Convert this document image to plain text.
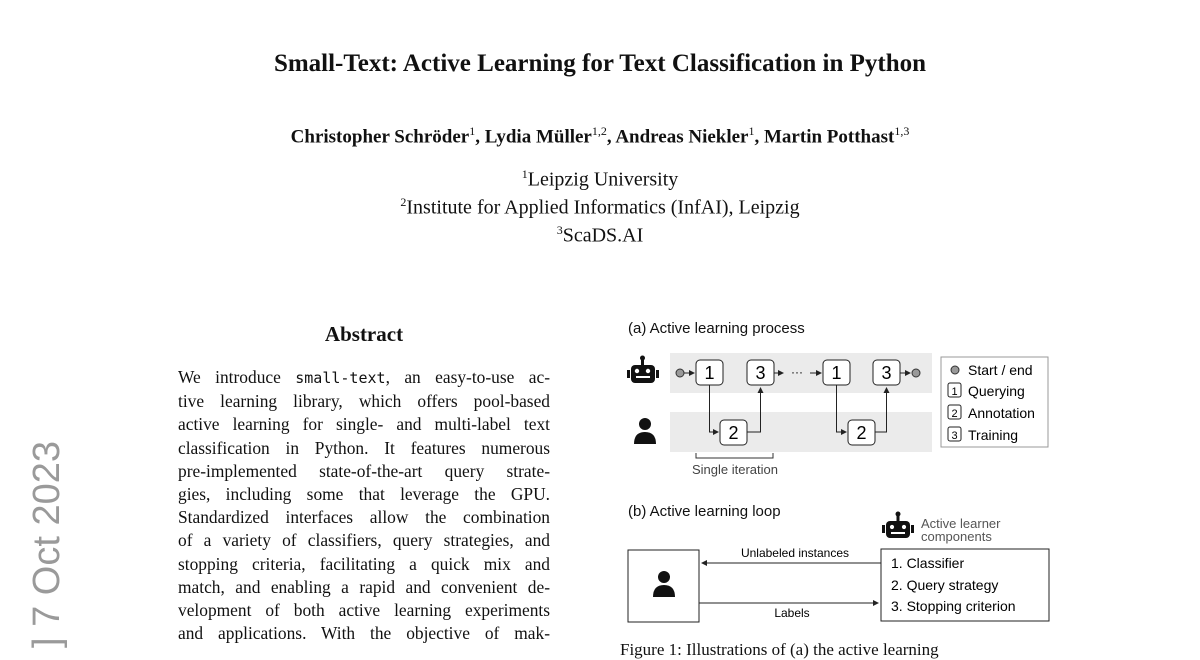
Small-Text: Active Learning for Text Classification in Python
Christopher Schröder$^1$, Lydia Müller$^{1,2}$, Andreas Niekler$^1$, Martin Potthast$^{1,3}$
$^1$Leipzig University
$^2$Institute for Applied Informatics (InfAI), Leipzig
$^3$ScaDS.AI
] 7 Oct 2023
Abstract
We introduce small-text, an easy-to-use ac-
tive learning library, which offers pool-based
active learning for single- and multi-label text
classification in Python. It features numerous
pre-implemented state-of-the-art query strate-
gies, including some that leverage the GPU.
Standardized interfaces allow the combination
of a variety of classifiers, query strategies, and
stopping criteria, facilitating a quick mix and
match, and enabling a rapid and convenient de-
velopment of both active learning experiments
and applications. With the objective of mak-
(a) Active learning process
(b) Active learning loop
1 3 ··· 1 3
2	2
Single iteration
Start / end
1 Querying
2 Annotation
3 Training
Active learner
components
1. Classifier
2. Query strategy
3. Stopping criterion
Unlabeled instances
Labels
Figure 1: Illustrations of (a) the active learning
